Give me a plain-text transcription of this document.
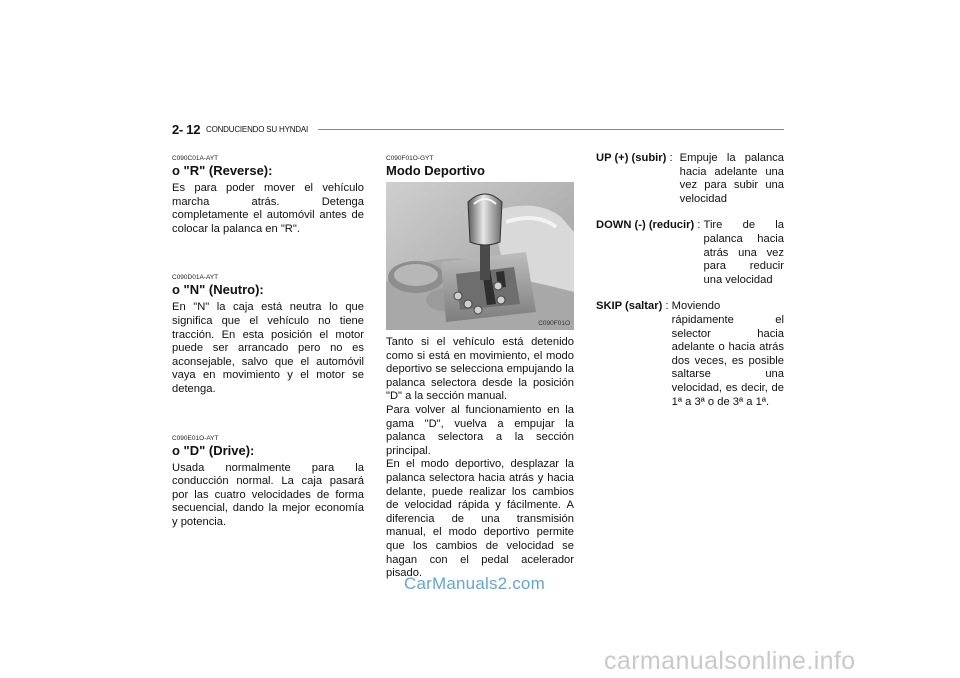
2- 12 CONDUCIENDO SU HYNDAI
C090C01A-AYT
o "R" (Reverse):
Es para poder mover el vehículo marcha atrás. Detenga completamente el automóvil antes de colocar la palanca en "R".
C090D01A-AYT
o "N" (Neutro):
En "N" la caja está neutra lo que significa que el vehículo no tiene tracción. En esta posición el motor puede ser arrancado pero no es aconsejable, salvo que el automóvil vaya en movimiento y el motor se detenga.
C090E01O-AYT
o "D" (Drive):
Usada normalmente para la conducción normal. La caja pasará por las cuatro velocidades de forma secuencial, dando la mejor economía y potencia.
C090F01O-GYT
Modo Deportivo
C090F01O
Tanto si el vehículo está detenido como si está en movimiento, el modo deportivo se selecciona empujando la palanca selectora desde la posición "D" a la sección manual.
Para volver al funcionamiento en la gama "D", vuelva a empujar la palanca selectora a la sección principal.
En el modo deportivo, desplazar la palanca selectora hacia atrás y hacia delante, puede realizar los cambios de velocidad rápida y fácilmente. A diferencia de una transmisión manual, el modo deportivo permite que los cambios de velocidad se hagan con el pedal acelerador pisado.
UP (+) (subir) : Empuje la palanca hacia adelante una vez para subir una velocidad
DOWN (-) (reducir) : Tire de la palanca hacia atrás una vez para reducir una velocidad
SKIP (saltar) : Moviendo rápidamente el selector hacia adelante o hacia atrás dos veces, es posible saltarse una velocidad, es decir, de 1ª a 3ª o de 3ª a 1ª.
CarManuals2.com
carmanualsonline.info
